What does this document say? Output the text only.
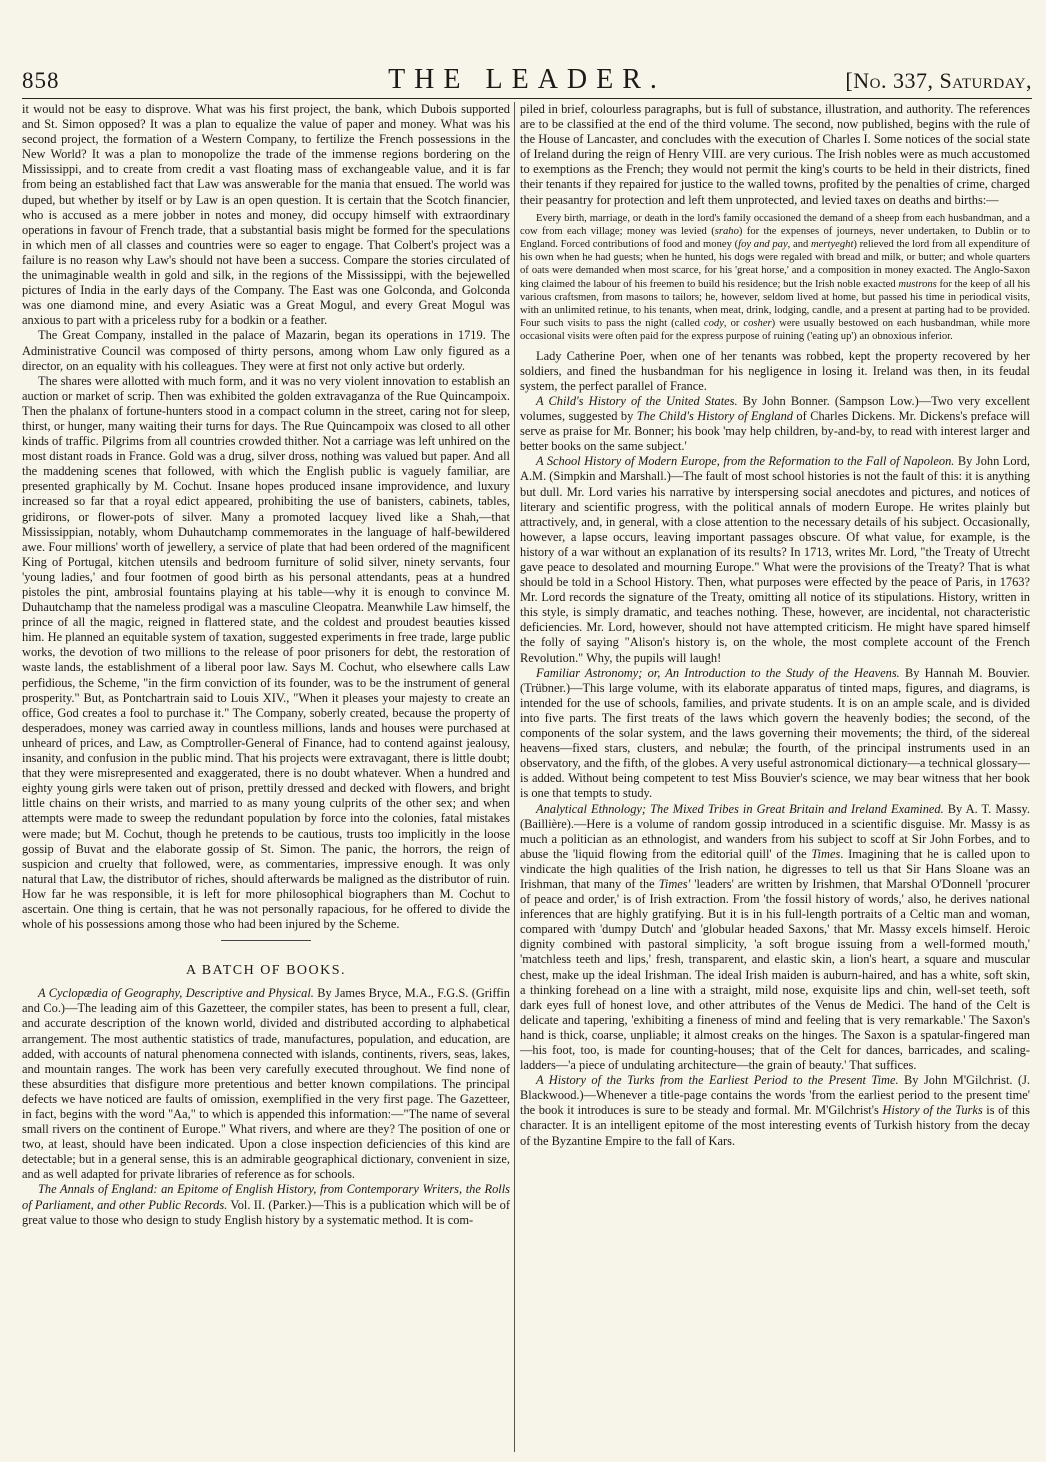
858	THE LEADER.	[No. 337, Saturday,

it would not be easy to disprove. What was his first project, the bank, which Dubois supported and St. Simon opposed? It was a plan to equalize the value of paper and money. What was his second project, the formation of a Western Company, to fertilize the French possessions in the New World? It was a plan to monopolize the trade of the immense regions bordering on the Mississippi, and to create from credit a vast floating mass of exchangeable value, and it is far from being an established fact that Law was answerable for the mania that ensued. The world was duped, but whether by itself or by Law is an open question. It is certain that the Scotch financier, who is accused as a mere jobber in notes and money, did occupy himself with extraordinary operations in favour of French trade, that a substantial basis might be formed for the speculations in which men of all classes and countries were so eager to engage. That Colbert's project was a failure is no reason why Law's should not have been a success. Compare the stories circulated of the unimaginable wealth in gold and silk, in the regions of the Mississippi, with the bejewelled pictures of India in the early days of the Company. The East was one Golconda, and Golconda was one diamond mine, and every Asiatic was a Great Mogul, and every Great Mogul was anxious to part with a priceless ruby for a bodkin or a feather.

The Great Company, installed in the palace of Mazarin, began its operations in 1719. The Administrative Council was composed of thirty persons, among whom Law only figured as a director, on an equality with his colleagues. They were at first not only active but orderly.

The shares were allotted with much form, and it was no very violent innovation to establish an auction or market of scrip. Then was exhibited the golden extravaganza of the Rue Quincampoix. Then the phalanx of fortune-hunters stood in a compact column in the street, caring not for sleep, thirst, or hunger, many waiting their turns for days. The Rue Quincampoix was closed to all other kinds of traffic. Pilgrims from all countries crowded thither. Not a carriage was left unhired on the most distant roads in France. Gold was a drug, silver dross, nothing was valued but paper. And all the maddening scenes that followed, with which the English public is vaguely familiar, are presented graphically by M. Cochut. Insane hopes produced insane improvidence, and luxury increased so far that a royal edict appeared, prohibiting the use of banisters, cabinets, tables, gridirons, or flower-pots of silver. Many a promoted lacquey lived like a Shah,—that Mississippian, notably, whom Duhautchamp commemorates in the language of half-bewildered awe. Four millions' worth of jewellery, a service of plate that had been ordered of the magnificent King of Portugal, kitchen utensils and bedroom furniture of solid silver, ninety servants, four 'young ladies,' and four footmen of good birth as his personal attendants, peas at a hundred pistoles the pint, ambrosial fountains playing at his table—why it is enough to convince M. Duhautchamp that the nameless prodigal was a masculine Cleopatra. Meanwhile Law himself, the prince of all the magic, reigned in flattered state, and the coldest and proudest beauties kissed him. He planned an equitable system of taxation, suggested experiments in free trade, large public works, the devotion of two millions to the release of poor prisoners for debt, the restoration of waste lands, the establishment of a liberal poor law. Says M. Cochut, who elsewhere calls Law perfidious, the Scheme, "in the firm conviction of its founder, was to be the instrument of general prosperity." But, as Pontchartrain said to Louis XIV., "When it pleases your majesty to create an office, God creates a fool to purchase it." The Company, soberly created, because the property of desperadoes, money was carried away in countless millions, lands and houses were purchased at unheard of prices, and Law, as Comptroller-General of Finance, had to contend against jealousy, insanity, and confusion in the public mind. That his projects were extravagant, there is little doubt; that they were misrepresented and exaggerated, there is no doubt whatever. When a hundred and eighty young girls were taken out of prison, prettily dressed and decked with flowers, and bright little chains on their wrists, and married to as many young culprits of the other sex; and when attempts were made to sweep the redundant population by force into the colonies, fatal mistakes were made; but M. Cochut, though he pretends to be cautious, trusts too implicitly in the loose gossip of Buvat and the elaborate gossip of St. Simon. The panic, the horrors, the reign of suspicion and cruelty that followed, were, as commentaries, impressive enough. It was only natural that Law, the distributor of riches, should afterwards be maligned as the distributor of ruin. How far he was responsible, it is left for more philosophical biographers than M. Cochut to ascertain. One thing is certain, that he was not personally rapacious, for he offered to divide the whole of his possessions among those who had been injured by the Scheme.

A BATCH OF BOOKS.

A Cyclopædia of Geography, Descriptive and Physical. By James Bryce, M.A., F.G.S. (Griffin and Co.)—The leading aim of this Gazetteer, the compiler states, has been to present a full, clear, and accurate description of the known world, divided and distributed according to alphabetical arrangement. The most authentic statistics of trade, manufactures, population, and education, are added, with accounts of natural phenomena connected with islands, continents, rivers, seas, lakes, and mountain ranges. The work has been very carefully executed throughout. We find none of these absurdities that disfigure more pretentious and better known compilations. The principal defects we have noticed are faults of omission, exemplified in the very first page. The Gazetteer, in fact, begins with the word "Aa," to which is appended this information:—"The name of several small rivers on the continent of Europe." What rivers, and where are they? The position of one or two, at least, should have been indicated. Upon a close inspection deficiencies of this kind are detectable; but in a general sense, this is an admirable geographical dictionary, convenient in size, and as well adapted for private libraries of reference as for schools.

The Annals of England: an Epitome of English History, from Contemporary Writers, the Rolls of Parliament, and other Public Records. Vol. II. (Parker.)—This is a publication which will be of great value to those who design to study English history by a systematic method. It is com-

piled in brief, colourless paragraphs, but is full of substance, illustration, and authority. The references are to be classified at the end of the third volume. The second, now published, begins with the rule of the House of Lancaster, and concludes with the execution of Charles I. Some notices of the social state of Ireland during the reign of Henry VIII. are very curious. The Irish nobles were as much accustomed to exemptions as the French; they would not permit the king's courts to be held in their districts, fined their tenants if they repaired for justice to the walled towns, profited by the penalties of crime, charged their peasantry for protection and left them unprotected, and levied taxes on deaths and births:—

Every birth, marriage, or death in the lord's family occasioned the demand of a sheep from each husbandman, and a cow from each village; money was levied (sraho) for the expenses of journeys, never undertaken, to Dublin or to England. Forced contributions of food and money (foy and pay, and mertyeght) relieved the lord from all expenditure of his own when he had guests; when he hunted, his dogs were regaled with bread and milk, or butter; and whole quarters of oats were demanded when most scarce, for his 'great horse,' and a composition in money exacted. The Anglo-Saxon king claimed the labour of his freemen to build his residence; but the Irish noble exacted mustrons for the keep of all his various craftsmen, from masons to tailors; he, however, seldom lived at home, but passed his time in periodical visits, with an unlimited retinue, to his tenants, when meat, drink, lodging, candle, and a present at parting had to be provided. Four such visits to pass the night (called cody, or cosher) were usually bestowed on each husbandman, while more occasional visits were often paid for the express purpose of ruining ('eating up') an obnoxious inferior.

Lady Catherine Poer, when one of her tenants was robbed, kept the property recovered by her soldiers, and fined the husbandman for his negligence in losing it. Ireland was then, in its feudal system, the perfect parallel of France.

A Child's History of the United States. By John Bonner. (Sampson Low.)—Two very excellent volumes, suggested by The Child's History of England of Charles Dickens. Mr. Dickens's preface will serve as praise for Mr. Bonner; his book 'may help children, by-and-by, to read with interest larger and better books on the same subject.'

A School History of Modern Europe, from the Reformation to the Fall of Napoleon. By John Lord, A.M. (Simpkin and Marshall.)—The fault of most school histories is not the fault of this: it is anything but dull. Mr. Lord varies his narrative by interspersing social anecdotes and pictures, and notices of literary and scientific progress, with the political annals of modern Europe. He writes plainly but attractively, and, in general, with a close attention to the necessary details of his subject. Occasionally, however, a lapse occurs, leaving important passages obscure. Of what value, for example, is the history of a war without an explanation of its results? In 1713, writes Mr. Lord, "the Treaty of Utrecht gave peace to desolated and mourning Europe." What were the provisions of the Treaty? That is what should be told in a School History. Then, what purposes were effected by the peace of Paris, in 1763? Mr. Lord records the signature of the Treaty, omitting all notice of its stipulations. History, written in this style, is simply dramatic, and teaches nothing. These, however, are incidental, not characteristic deficiencies. Mr. Lord, however, should not have attempted criticism. He might have spared himself the folly of saying "Alison's history is, on the whole, the most complete account of the French Revolution." Why, the pupils will laugh!

Familiar Astronomy; or, An Introduction to the Study of the Heavens. By Hannah M. Bouvier. (Trübner.)—This large volume, with its elaborate apparatus of tinted maps, figures, and diagrams, is intended for the use of schools, families, and private students. It is on an ample scale, and is divided into five parts. The first treats of the laws which govern the heavenly bodies; the second, of the components of the solar system, and the laws governing their movements; the third, of the sidereal heavens—fixed stars, clusters, and nebulæ; the fourth, of the principal instruments used in an observatory, and the fifth, of the globes. A very useful astronomical dictionary—a technical glossary—is added. Without being competent to test Miss Bouvier's science, we may bear witness that her book is one that tempts to study.

Analytical Ethnology; The Mixed Tribes in Great Britain and Ireland Examined. By A. T. Massy. (Baillière).—Here is a volume of random gossip introduced in a scientific disguise. Mr. Massy is as much a politician as an ethnologist, and wanders from his subject to scoff at Sir John Forbes, and to abuse the 'liquid flowing from the editorial quill' of the Times. Imagining that he is called upon to vindicate the high qualities of the Irish nation, he digresses to tell us that Sir Hans Sloane was an Irishman, that many of the Times' 'leaders' are written by Irishmen, that Marshal O'Donnell 'procurer of peace and order,' is of Irish extraction. From 'the fossil history of words,' also, he derives national inferences that are highly gratifying. But it is in his full-length portraits of a Celtic man and woman, compared with 'dumpy Dutch' and 'globular headed Saxons,' that Mr. Massy excels himself. Heroic dignity combined with pastoral simplicity, 'a soft brogue issuing from a well-formed mouth,' 'matchless teeth and lips,' fresh, transparent, and elastic skin, a lion's heart, a square and muscular chest, make up the ideal Irishman. The ideal Irish maiden is auburn-haired, and has a white, soft skin, a thinking forehead on a line with a straight, mild nose, exquisite lips and chin, well-set teeth, soft dark eyes full of honest love, and other attributes of the Venus de Medici. The hand of the Celt is delicate and tapering, 'exhibiting a fineness of mind and feeling that is very remarkable.' The Saxon's hand is thick, coarse, unpliable; it almost creaks on the hinges. The Saxon is a spatular-fingered man—his foot, too, is made for counting-houses; that of the Celt for dances, barricades, and scaling-ladders—'a piece of undulating architecture—the grain of beauty.' That suffices.

A History of the Turks from the Earliest Period to the Present Time. By John M'Gilchrist. (J. Blackwood.)—Whenever a title-page contains the words 'from the earliest period to the present time' the book it introduces is sure to be steady and formal. Mr. M'Gilchrist's History of the Turks is of this character. It is an intelligent epitome of the most interesting events of Turkish history from the decay of the Byzantine Empire to the fall of Kars.
